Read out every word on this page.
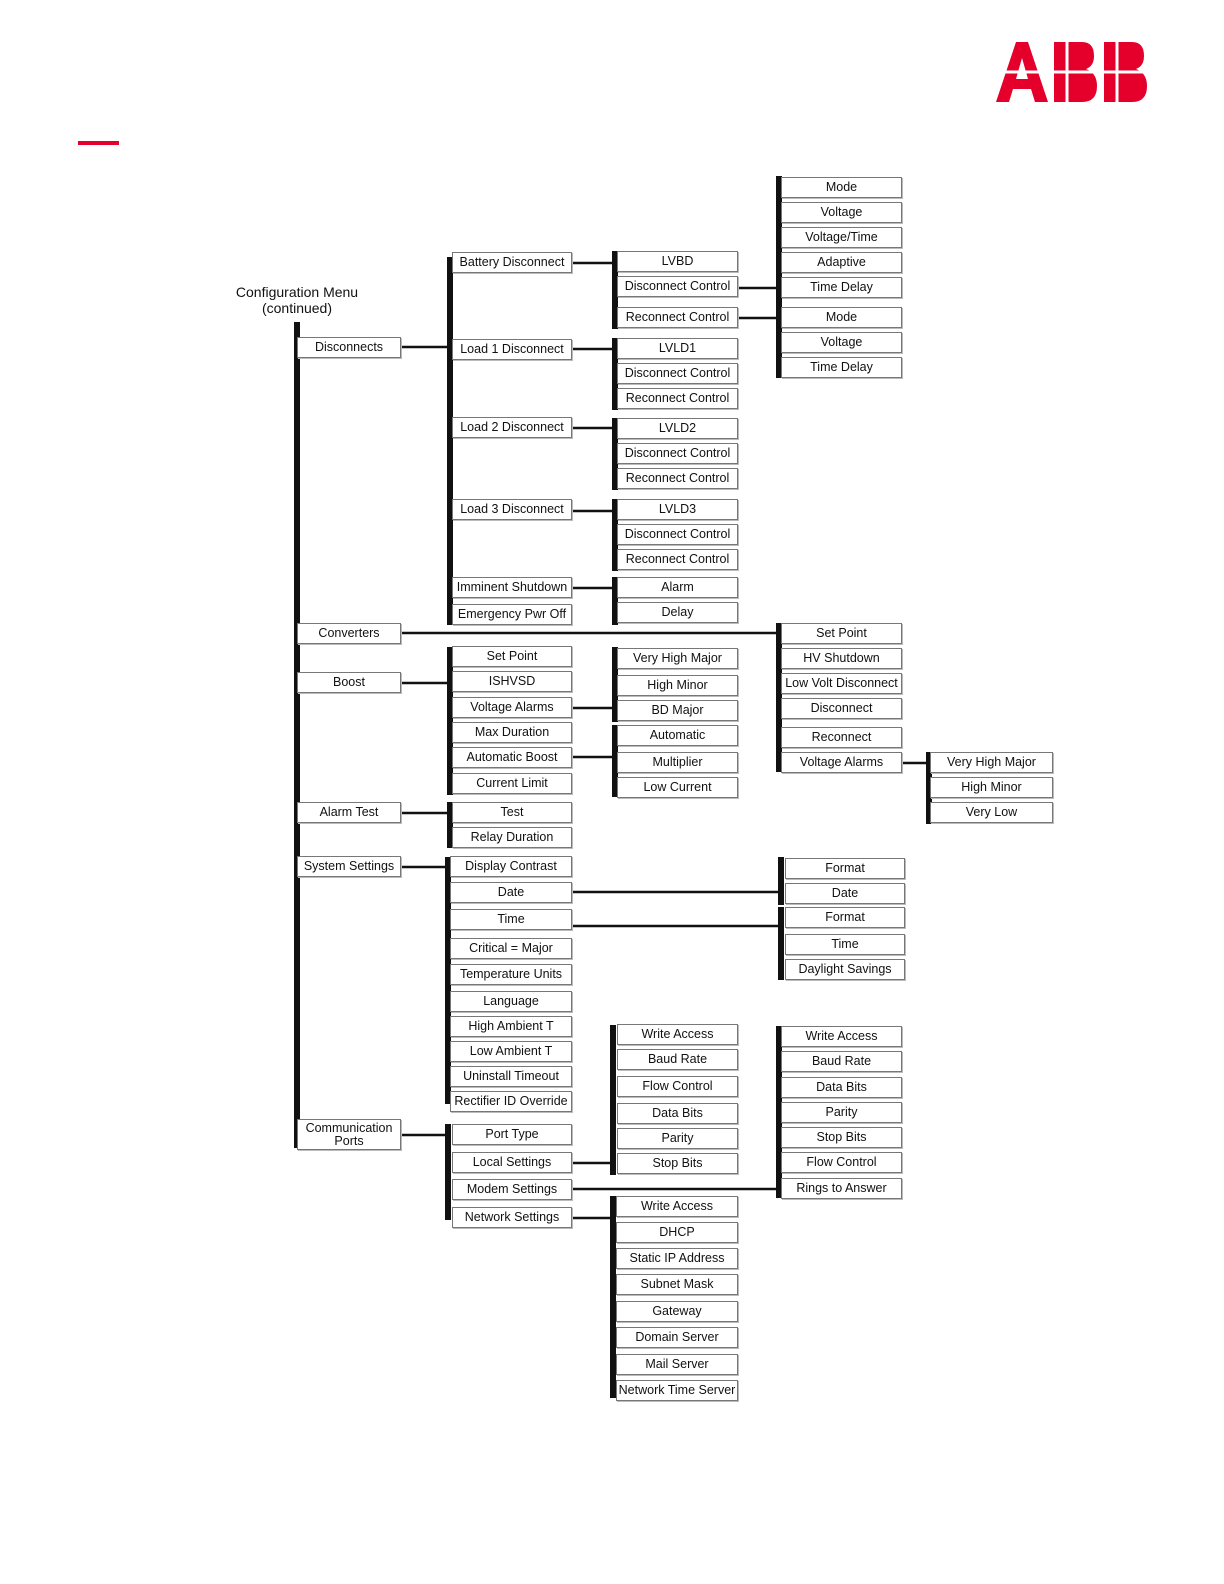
ABB
Configuration Menu
(continued)
Disconnects
Converters
Boost
Alarm Test
System Settings
Communication Ports
Battery Disconnect
Load 1 Disconnect
Load 2 Disconnect
Load 3 Disconnect
Imminent Shutdown
Emergency Pwr Off
LVBD
Disconnect Control
Reconnect Control
LVLD1
Disconnect Control
Reconnect Control
LVLD2
Disconnect Control
Reconnect Control
LVLD3
Disconnect Control
Reconnect Control
Alarm
Delay
Mode
Voltage
Voltage/Time
Adaptive
Time Delay
Mode
Voltage
Time Delay
Set Point
HV Shutdown
Low Volt Disconnect
Disconnect
Reconnect
Voltage Alarms	Very High Major
High Minor
Very Low
Set Point
ISHVSD
Voltage Alarms
Max Duration
Automatic Boost
Current Limit
Very High Major
High Minor
BD Major
Automatic
Multiplier
Low Current
Test
Relay Duration
Display Contrast
Date
Time
Critical = Major
Temperature Units
Language
High Ambient T
Low Ambient T
Uninstall Timeout
Rectifier ID Override
Format
Date
Format
Time
Daylight Savings
Port Type
Local Settings
Modem Settings
Network Settings
Write Access
Baud Rate
Flow Control
Data Bits
Parity
Stop Bits
Write Access
Baud Rate
Data Bits
Parity
Stop Bits
Flow Control
Rings to Answer
Write Access
DHCP
Static IP Address
Subnet Mask
Gateway
Domain Server
Mail Server
Network Time Server
